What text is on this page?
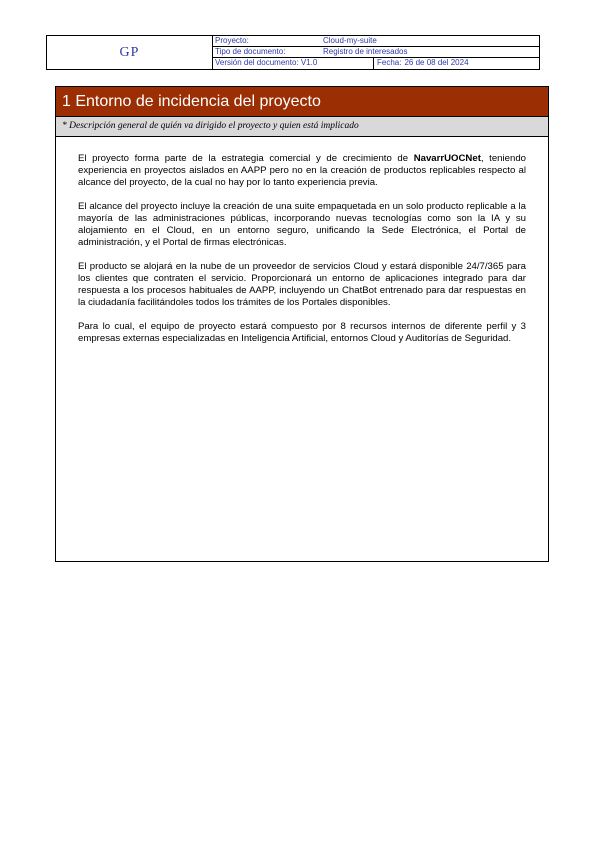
GP
Proyecto:	Cloud-my-suite
Tipo de documento:	Registro de interesados
Versión del documento: V1.0	Fecha: 26 de 08 del 2024
1 Entorno de incidencia del proyecto
* Descripción general de quién va dirigido el proyecto y quien está implicado

El proyecto forma parte de la estrategia comercial y de crecimiento de NavarrUOCNet, teniendo experiencia en proyectos aislados en AAPP pero no en la creación de productos replicables respecto al alcance del proyecto, de la cual no hay por lo tanto experiencia previa.

El alcance del proyecto incluye la creación de una suite empaquetada en un solo producto replicable a la mayoría de las administraciones públicas, incorporando nuevas tecnologías como son la IA y su alojamiento en el Cloud, en un entorno seguro, unificando la Sede Electrónica, el Portal de administración, y el Portal de firmas electrónicas.

El producto se alojará en la nube de un proveedor de servicios Cloud y estará disponible 24/7/365 para los clientes que contraten el servicio. Proporcionará un entorno de aplicaciones integrado para dar respuesta a los procesos habituales de AAPP, incluyendo un ChatBot entrenado para dar respuestas en la ciudadanía facilitándoles todos los trámites de los Portales disponibles.

Para lo cual, el equipo de proyecto estará compuesto por 8 recursos internos de diferente perfil y 3 empresas externas especializadas en Inteligencia Artificial, entornos Cloud y Auditorías de Seguridad.
